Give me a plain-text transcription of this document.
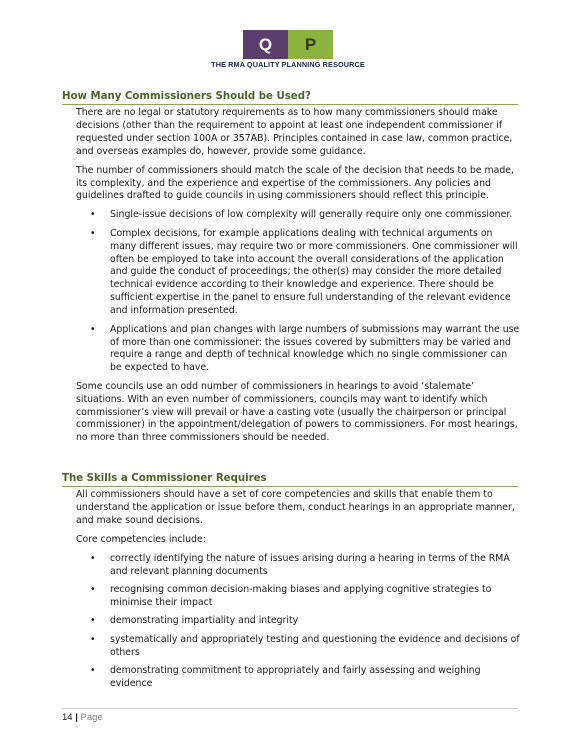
Q	P
THE RMA QUALITY PLANNING RESOURCE
How Many Commissioners Should be Used?

There are no legal or statutory requirements as to how many commissioners should make decisions (other than the requirement to appoint at least one independent commissioner if requested under section 100A or 357AB). Principles contained in case law, common practice, and overseas examples do, however, provide some guidance.

The number of commissioners should match the scale of the decision that needs to be made, its complexity, and the experience and expertise of the commissioners. Any policies and guidelines drafted to guide councils in using commissioners should reflect this principle.

• Single-issue decisions of low complexity will generally require only one commissioner.
• Complex decisions, for example applications dealing with technical arguments on many different issues, may require two or more commissioners. One commissioner will often be employed to take into account the overall considerations of the application and guide the conduct of proceedings; the other(s) may consider the more detailed technical evidence according to their knowledge and experience. There should be sufficient expertise in the panel to ensure full understanding of the relevant evidence and information presented.
• Applications and plan changes with large numbers of submissions may warrant the use of more than one commissioner: the issues covered by submitters may be varied and require a range and depth of technical knowledge which no single commissioner can be expected to have.

Some councils use an odd number of commissioners in hearings to avoid ‘stalemate’ situations. With an even number of commissioners, councils may want to identify which commissioner’s view will prevail or have a casting vote (usually the chairperson or principal commissioner) in the appointment/delegation of powers to commissioners. For most hearings, no more than three commissioners should be needed.

The Skills a Commissioner Requires

All commissioners should have a set of core competencies and skills that enable them to understand the application or issue before them, conduct hearings in an appropriate manner, and make sound decisions.

Core competencies include:

• correctly identifying the nature of issues arising during a hearing in terms of the RMA and relevant planning documents
• recognising common decision-making biases and applying cognitive strategies to minimise their impact
• demonstrating impartiality and integrity
• systematically and appropriately testing and questioning the evidence and decisions of others
• demonstrating commitment to appropriately and fairly assessing and weighing evidence
14 | Page
